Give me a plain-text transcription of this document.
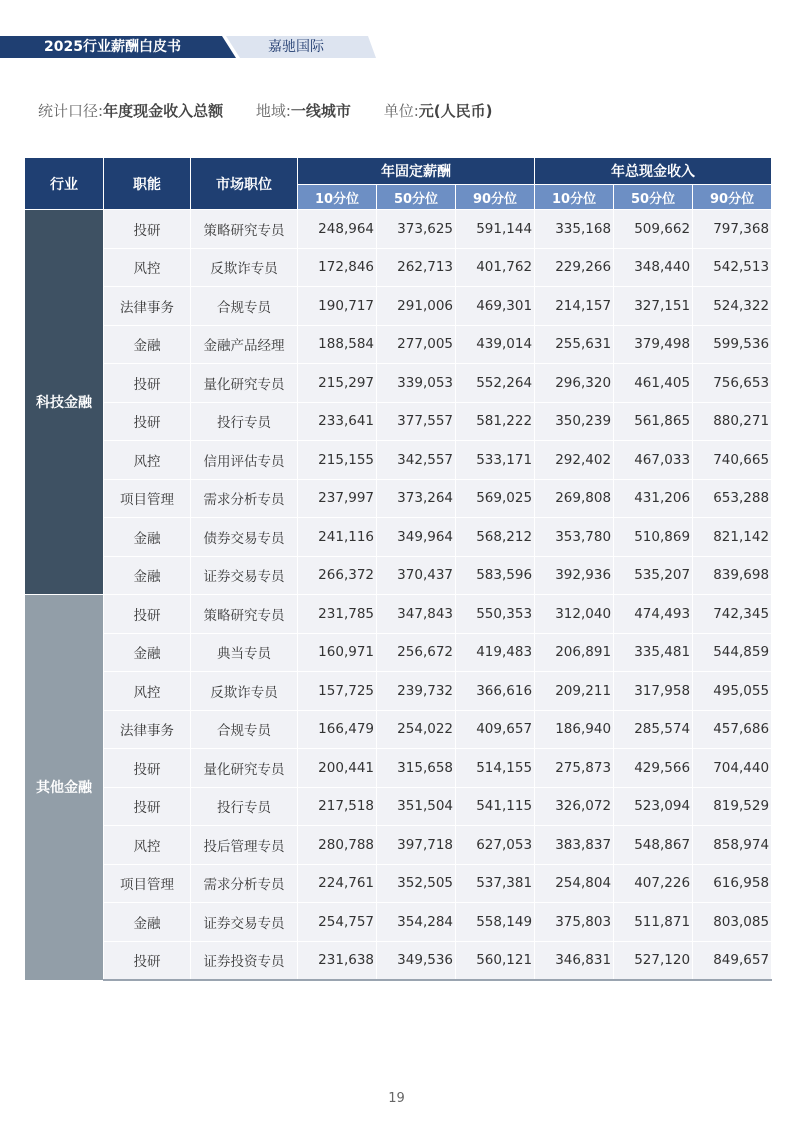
2025行业薪酬白皮书	嘉驰国际
统计口径:年度现金收入总额 地域:一线城市 单位:元(人民币)
行业	职能	市场职位	年固定薪酬			年总现金收入		
			10分位	50分位	90分位	10分位	50分位	90分位
科技金融	投研	策略研究专员	248,964	373,625	591,144	335,168	509,662	797,368
	风控	反欺诈专员	172,846	262,713	401,762	229,266	348,440	542,513
	法律事务	合规专员	190,717	291,006	469,301	214,157	327,151	524,322
	金融	金融产品经理	188,584	277,005	439,014	255,631	379,498	599,536
	投研	量化研究专员	215,297	339,053	552,264	296,320	461,405	756,653
	投研	投行专员	233,641	377,557	581,222	350,239	561,865	880,271
	风控	信用评估专员	215,155	342,557	533,171	292,402	467,033	740,665
	项目管理	需求分析专员	237,997	373,264	569,025	269,808	431,206	653,288
	金融	债券交易专员	241,116	349,964	568,212	353,780	510,869	821,142
	金融	证券交易专员	266,372	370,437	583,596	392,936	535,207	839,698
其他金融	投研	策略研究专员	231,785	347,843	550,353	312,040	474,493	742,345
	金融	典当专员	160,971	256,672	419,483	206,891	335,481	544,859
	风控	反欺诈专员	157,725	239,732	366,616	209,211	317,958	495,055
	法律事务	合规专员	166,479	254,022	409,657	186,940	285,574	457,686
	投研	量化研究专员	200,441	315,658	514,155	275,873	429,566	704,440
	投研	投行专员	217,518	351,504	541,115	326,072	523,094	819,529
	风控	投后管理专员	280,788	397,718	627,053	383,837	548,867	858,974
	项目管理	需求分析专员	224,761	352,505	537,381	254,804	407,226	616,958
	金融	证券交易专员	254,757	354,284	558,149	375,803	511,871	803,085
	投研	证券投资专员	231,638	349,536	560,121	346,831	527,120	849,657
19
